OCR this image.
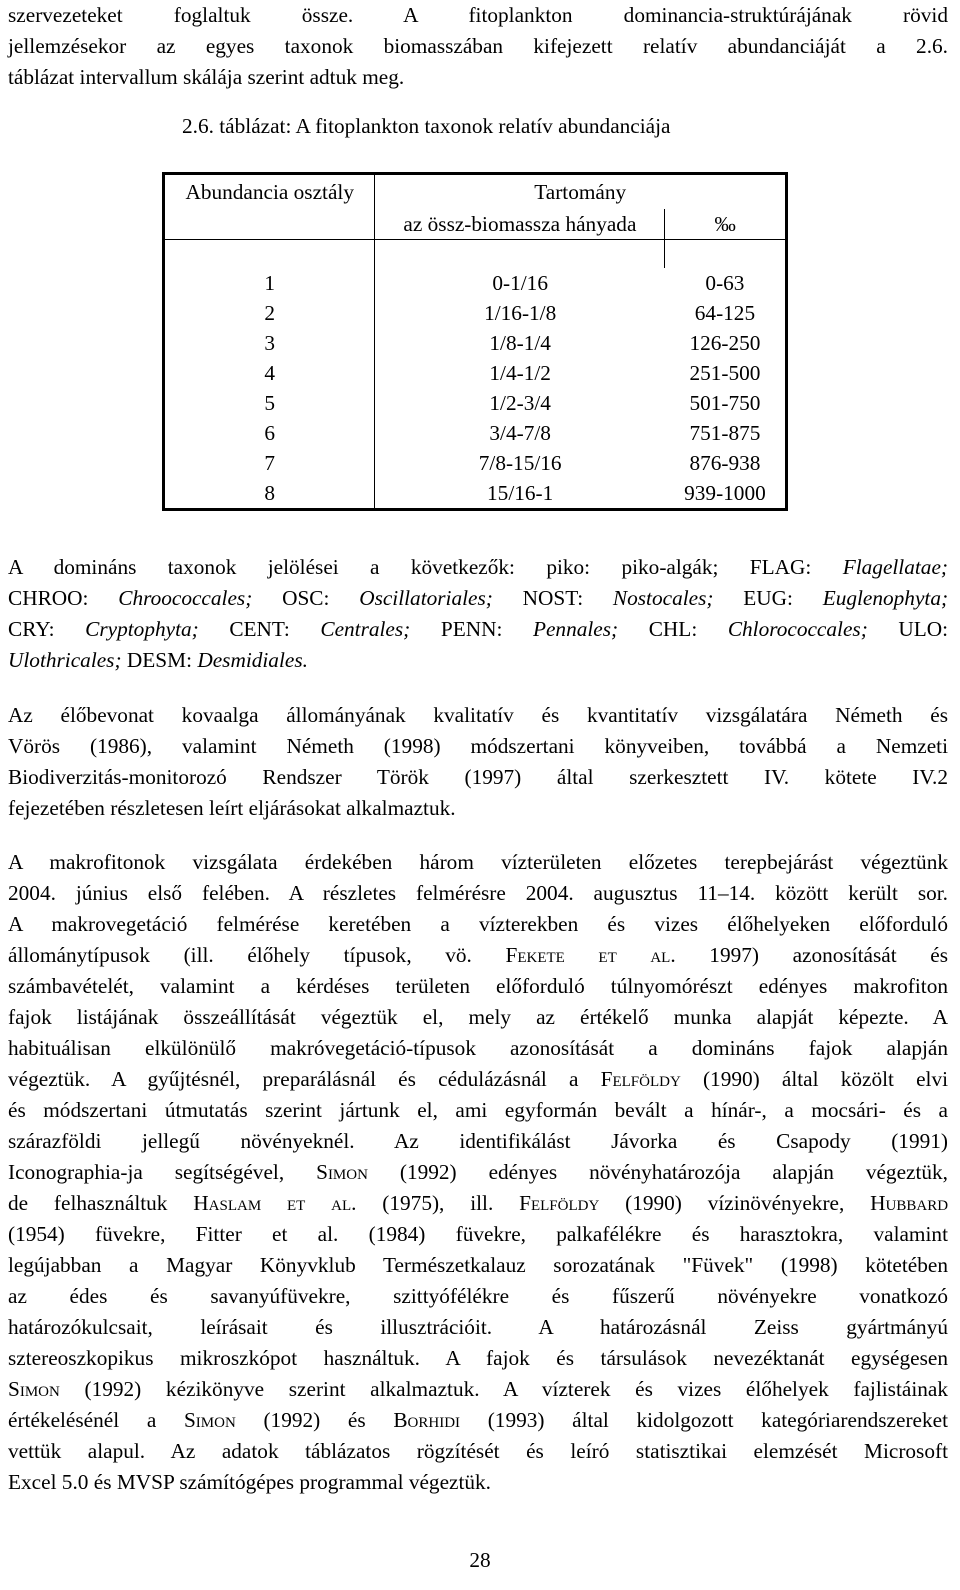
szervezeteket foglaltuk össze. A fitoplankton dominancia-struktúrájának rövid
jellemzésekor az egyes taxonok biomasszában kifejezett relatív abundanciáját a 2.6.
táblázat intervallum skálája szerint adtuk meg.

2.6. táblázat: A fitoplankton taxonok relatív abundanciája

Abundancia osztály	Tartomány	
	az össz-biomassza hányada	‰

1	0-1/16	0-63
2	1/16-1/8	64-125
3	1/8-1/4	126-250
4	1/4-1/2	251-500
5	1/2-3/4	501-750
6	3/4-7/8	751-875
7	7/8-15/16	876-938
8	15/16-1	939-1000
A domináns taxonok jelölései a következők: piko: piko-algák; FLAG: Flagellatae;
CHROO: Chroococcales; OSC: Oscillatoriales; NOST: Nostocales; EUG: Euglenophyta;
CRY: Cryptophyta; CENT: Centrales; PENN: Pennales; CHL: Chlorococcales; ULO:
Ulothricales; DESM: Desmidiales.
Az élőbevonat kovaalga állományának kvalitatív és kvantitatív vizsgálatára Németh és
Vörös (1986), valamint Németh (1998) módszertani könyveiben, továbbá a Nemzeti
Biodiverzitás-monitorozó Rendszer Török (1997) által szerkesztett IV. kötete IV.2
fejezetében részletesen leírt eljárásokat alkalmaztuk.
A makrofitonok vizsgálata érdekében három vízterületen előzetes terepbejárást végeztünk
2004. június első felében. A részletes felmérésre 2004. augusztus 11–14. között került sor.
A makrovegetáció felmérése keretében a vízterekben és vizes élőhelyeken előforduló
állománytípusok (ill. élőhely típusok, vö. Fekete et al. 1997) azonosítását és
számbavételét, valamint a kérdéses területen előforduló túlnyomórészt edényes makrofiton
fajok listájának összeállítását végeztük el, mely az értékelő munka alapját képezte. A
habituálisan elkülönülő makróvegetáció-típusok azonosítását a domináns fajok alapján
végeztük. A gyűjtésnél, preparálásnál és cédulázásnál a Felföldy (1990) által közölt elvi
és módszertani útmutatás szerint jártunk el, ami egyformán bevált a hínár-, a mocsári- és a
szárazföldi jellegű növényeknél. Az identifikálást Jávorka és Csapody (1991)
Iconographia-ja segítségével, Simon (1992) edényes növényhatározója alapján végeztük,
de felhasználtuk Haslam et al. (1975), ill. Felföldy (1990) vízinövényekre, Hubbard
(1954) füvekre, Fitter et al. (1984) füvekre, palkafélékre és harasztokra, valamint
legújabban a Magyar Könyvklub Természetkalauz sorozatának "Füvek" (1998) kötetében
az édes és savanyúfüvekre, szittyófélékre és fűszerű növényekre vonatkozó
határozókulcsait, leírásait és illusztrációit. A határozásnál Zeiss gyártmányú
sztereoszkopikus mikroszkópot használtuk. A fajok és társulások nevezéktanát egységesen
Simon (1992) kézikönyve szerint alkalmaztuk. A vízterek és vizes élőhelyek fajlistáinak
értékelésénél a Simon (1992) és Borhidi (1993) által kidolgozott kategóriarendszereket
vettük alapul. Az adatok táblázatos rögzítését és leíró statisztikai elemzését Microsoft
Excel 5.0 és MVSP számítógépes programmal végeztük.
28
